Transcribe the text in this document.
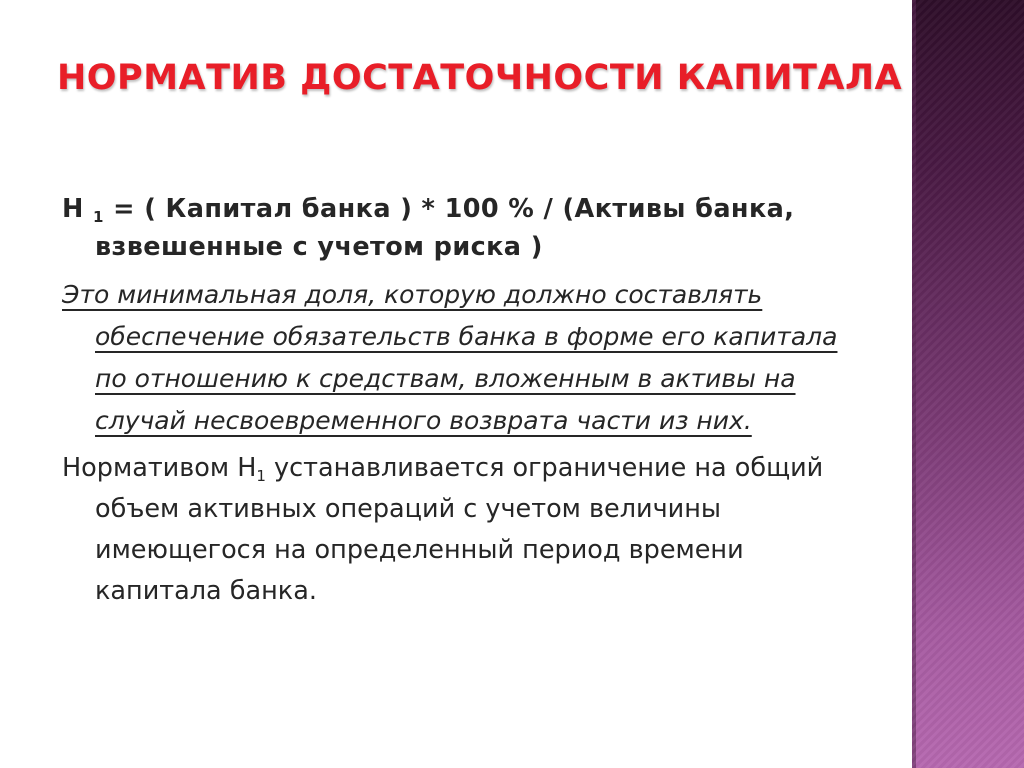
НОРМАТИВ ДОСТАТОЧНОСТИ КАПИТАЛА

Н $_1$ = ( Капитал банка ) * 100 % / (Активы банка, взвешенные с учетом риска )

Это минимальная доля, которую должно составлять обеспечение обязательств банка в форме его капитала по отношению к средствам, вложенным в активы на случай несвоевременного возврата части из них.

Нормативом $Н_1$ устанавливается ограничение на общий объем активных операций с учетом величины имеющегося на определенный период времени капитала банка.
